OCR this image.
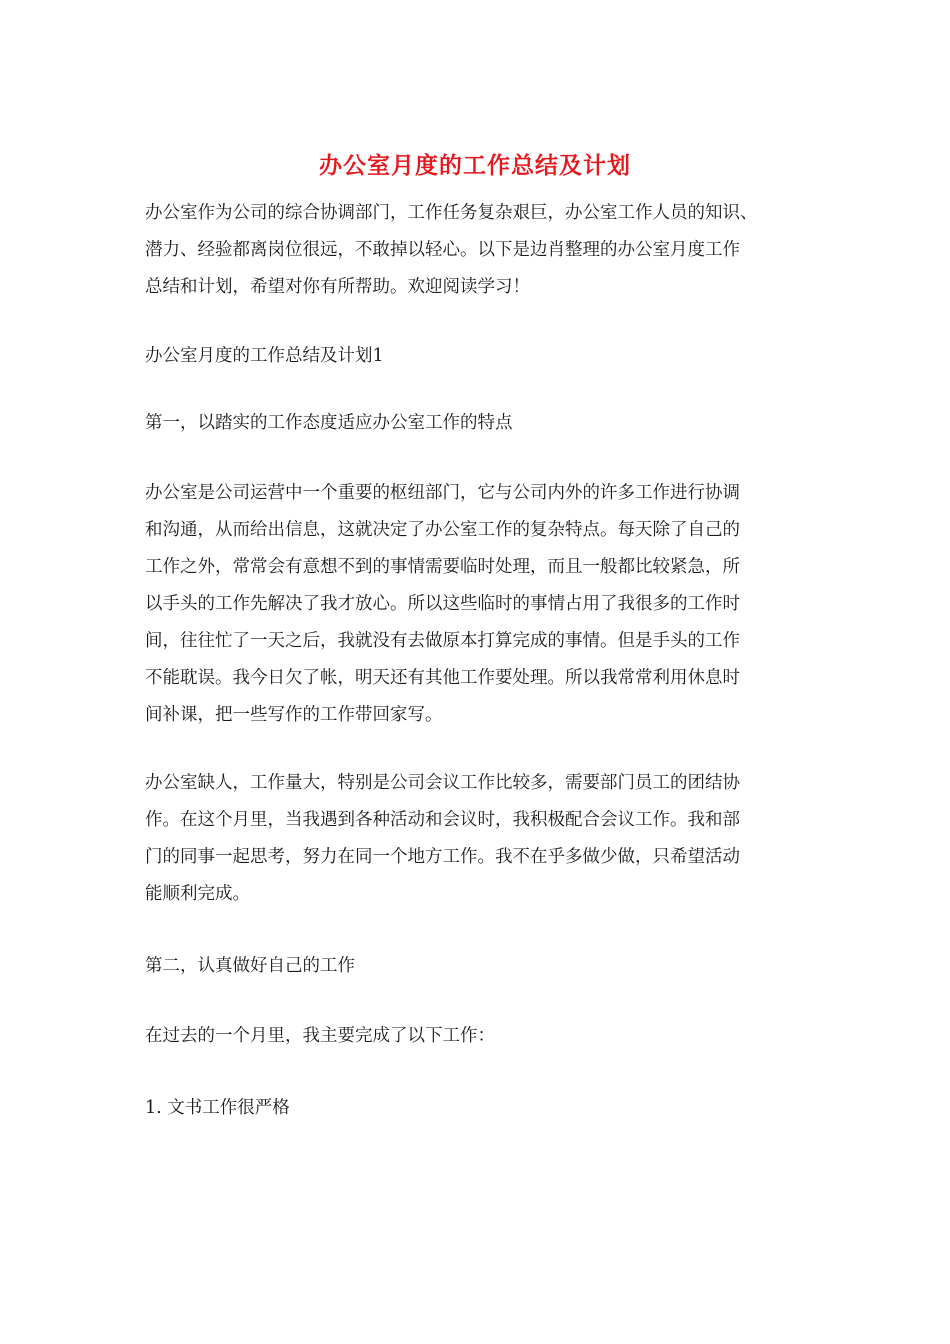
办公室月度的工作总结及计划

办公室作为公司的综合协调部门，工作任务复杂艰巨，办公室工作人员的知识、
潜力、经验都离岗位很远，不敢掉以轻心。以下是边肖整理的办公室月度工作
总结和计划，希望对你有所帮助。欢迎阅读学习！

办公室月度的工作总结及计划1

第一，以踏实的工作态度适应办公室工作的特点

办公室是公司运营中一个重要的枢纽部门，它与公司内外的许多工作进行协调
和沟通，从而给出信息，这就决定了办公室工作的复杂特点。每天除了自己的
工作之外，常常会有意想不到的事情需要临时处理，而且一般都比较紧急，所
以手头的工作先解决了我才放心。所以这些临时的事情占用了我很多的工作时
间，往往忙了一天之后，我就没有去做原本打算完成的事情。但是手头的工作
不能耽误。我今日欠了帐，明天还有其他工作要处理。所以我常常利用休息时
间补课，把一些写作的工作带回家写。

办公室缺人，工作量大，特别是公司会议工作比较多，需要部门员工的团结协
作。在这个月里，当我遇到各种活动和会议时，我积极配合会议工作。我和部
门的同事一起思考，努力在同一个地方工作。我不在乎多做少做，只希望活动
能顺利完成。

第二，认真做好自己的工作

在过去的一个月里，我主要完成了以下工作：

1. 文书工作很严格
